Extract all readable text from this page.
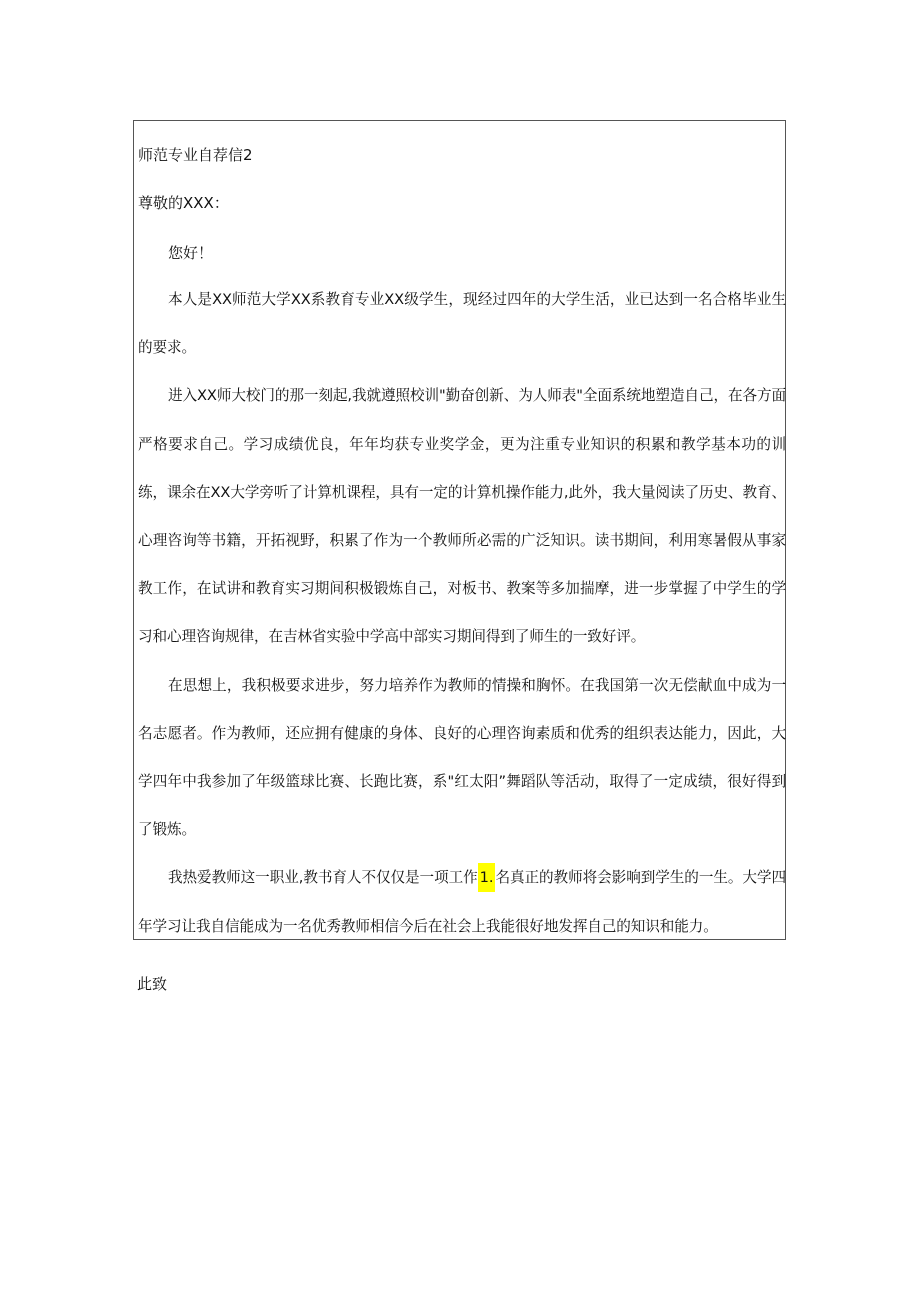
师范专业自荐信2
尊敬的XXX：
您好！

本人是XX师范大学XX系教育专业XX级学生，现经过四年的大学生活，业已达到一名合格毕业生的要求。

进入XX师大校门的那一刻起,我就遵照校训"勤奋创新、为人师表"全面系统地塑造自己，在各方面严格要求自己。学习成绩优良，年年均获专业奖学金，更为注重专业知识的积累和教学基本功的训练，课余在XX大学旁听了计算机课程，具有一定的计算机操作能力,此外，我大量阅读了历史、教育、心理咨询等书籍，开拓视野，积累了作为一个教师所必需的广泛知识。读书期间，利用寒暑假从事家教工作，在试讲和教育实习期间积极锻炼自己，对板书、教案等多加揣摩，进一步掌握了中学生的学习和心理咨询规律，在吉林省实验中学高中部实习期间得到了师生的一致好评。

在思想上，我积极要求进步，努力培养作为教师的情操和胸怀。在我国第一次无偿献血中成为一名志愿者。作为教师，还应拥有健康的身体、良好的心理咨询素质和优秀的组织表达能力，因此，大学四年中我参加了年级篮球比赛、长跑比赛，系"红太阳”舞蹈队等活动，取得了一定成绩，很好得到了锻炼。

我热爱教师这一职业,教书育人不仅仅是一项工作 1. 名真正的教师将会影响到学生的一生。大学四年学习让我自信能成为一名优秀教师相信今后在社会上我能很好地发挥自己的知识和能力。

此致
